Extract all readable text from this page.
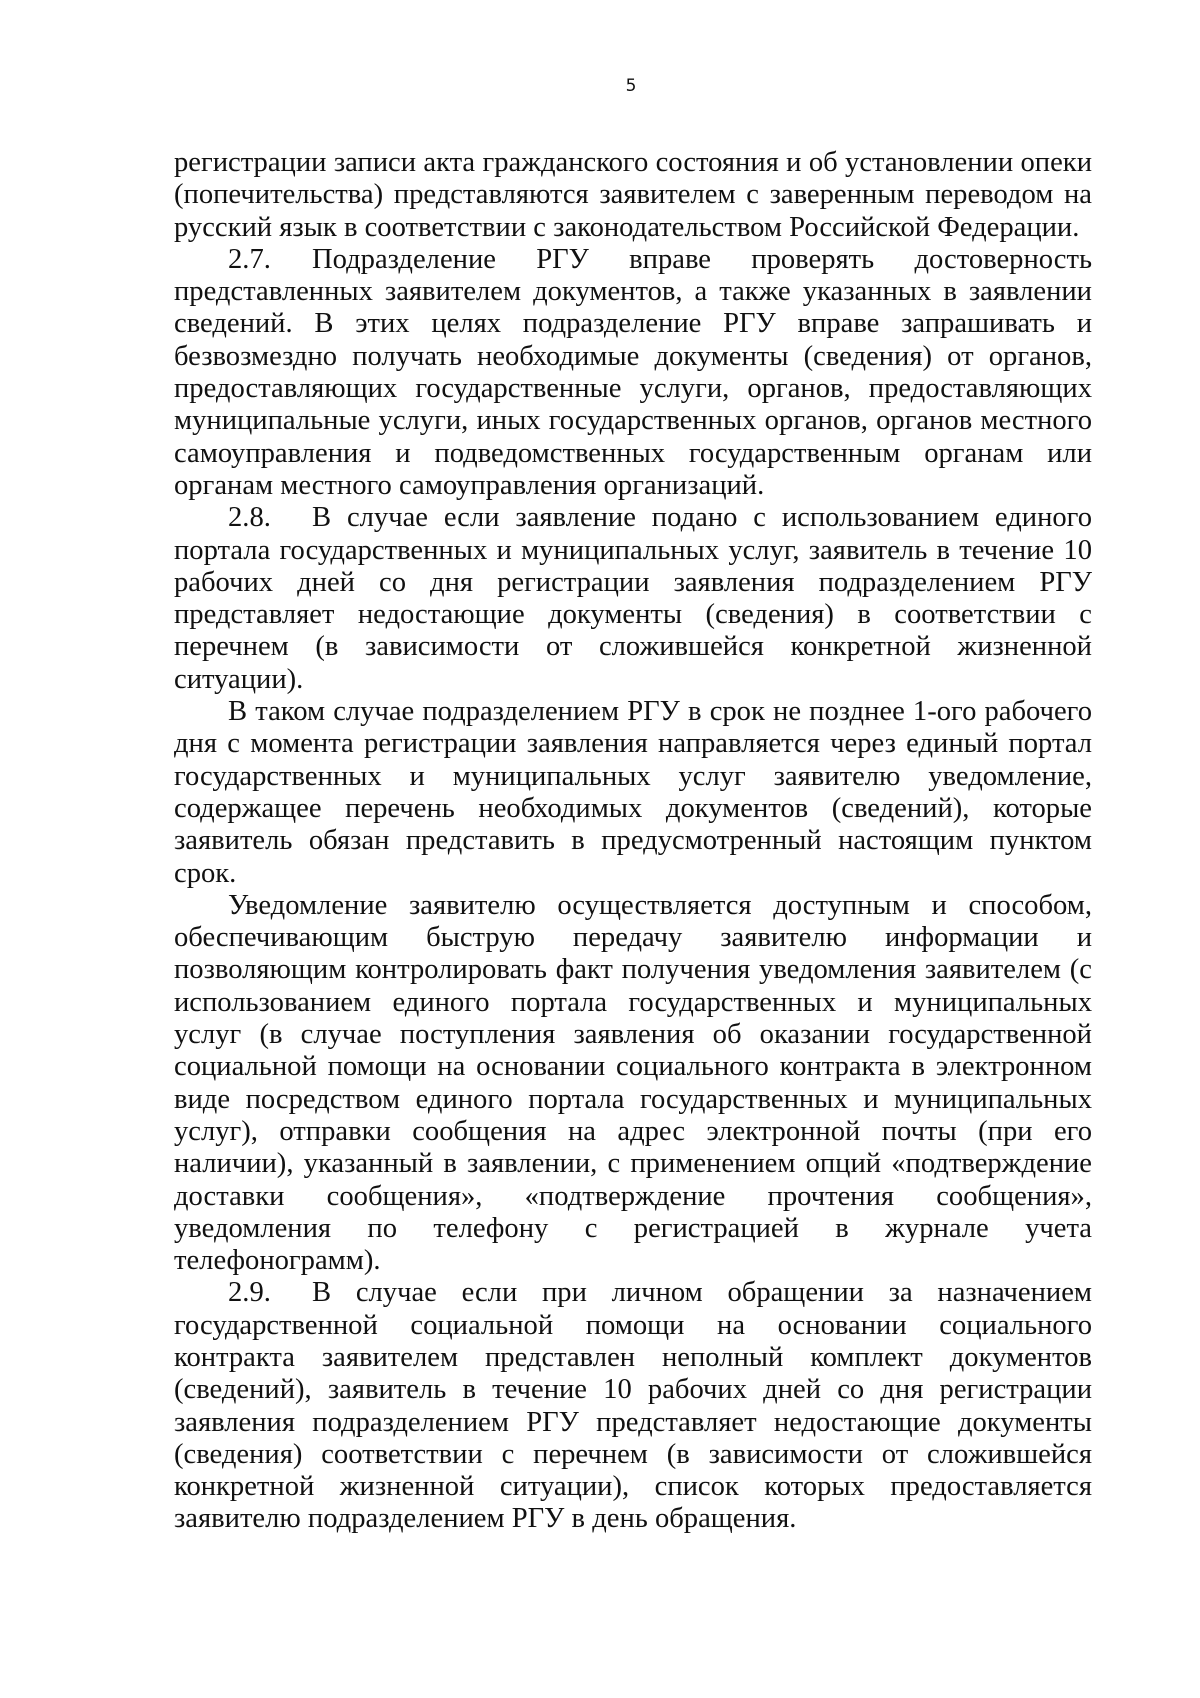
5

регистрации записи акта гражданского состояния и об установлении опеки (попечительства) представляются заявителем с заверенным переводом на русский язык в соответствии с законодательством Российской Федерации.

2.7. Подразделение РГУ вправе проверять достоверность представленных заявителем документов, а также указанных в заявлении сведений. В этих целях подразделение РГУ вправе запрашивать и безвозмездно получать необходимые документы (сведения) от органов, предоставляющих государственные услуги, органов, предоставляющих муниципальные услуги, иных государственных органов, органов местного самоуправления и подведомственных государственным органам или органам местного самоуправления организаций.

2.8. В случае если заявление подано с использованием единого портала государственных и муниципальных услуг, заявитель в течение 10 рабочих дней со дня регистрации заявления подразделением РГУ представляет недостающие документы (сведения) в соответствии с перечнем (в зависимости от сложившейся конкретной жизненной ситуации).

В таком случае подразделением РГУ в срок не позднее 1-ого рабочего дня с момента регистрации заявления направляется через единый портал государственных и муниципальных услуг заявителю уведомление, содержащее перечень необходимых документов (сведений), которые заявитель обязан представить в предусмотренный настоящим пунктом срок.

Уведомление заявителю осуществляется доступным и способом, обеспечивающим быструю передачу заявителю информации и позволяющим контролировать факт получения уведомления заявителем (с использованием единого портала государственных и муниципальных услуг (в случае поступления заявления об оказании государственной социальной помощи на основании социального контракта в электронном виде посредством единого портала государственных и муниципальных услуг), отправки сообщения на адрес электронной почты (при его наличии), указанный в заявлении, с применением опций «подтверждение доставки сообщения», «подтверждение прочтения сообщения», уведомления по телефону с регистрацией в журнале учета телефонограмм).

2.9. В случае если при личном обращении за назначением государственной социальной помощи на основании социального контракта заявителем представлен неполный комплект документов (сведений), заявитель в течение 10 рабочих дней со дня регистрации заявления подразделением РГУ представляет недостающие документы (сведения) соответствии с перечнем (в зависимости от сложившейся конкретной жизненной ситуации), список которых предоставляется заявителю подразделением РГУ в день обращения.
